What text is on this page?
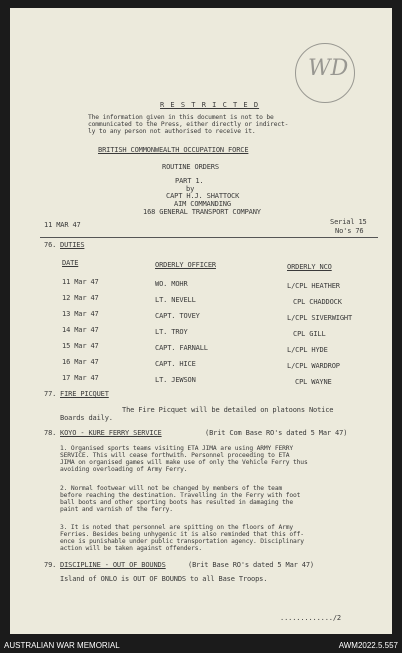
WD
R E S T R I C T E D
The information given in this document is not to be
communicated to the Press, either directly or indirect-
ly to any person not authorised to receive it.
BRITISH COMMONWEALTH OCCUPATION FORCE
ROUTINE ORDERS
PART 1.
by
CAPT H.J. SHATTOCK
AIM COMMANDING
168 GENERAL TRANSPORT COMPANY
11 MAR 47	Serial 15
No's 76
76. DUTIES
DATE	ORDERLY OFFICER	ORDERLY NCO
11 Mar 47	WO. MOHR	L/CPL HEATHER
12 Mar 47	LT. NEVELL	CPL CHADDOCK
13 Mar 47	CAPT. TOVEY	L/CPL SIVERWIGHT
14 Mar 47	LT. TROY	CPL GILL
15 Mar 47	CAPT. FARNALL	L/CPL HYDE
16 Mar 47	CAPT. HICE	L/CPL WARDROP
17 Mar 47	LT. JEWSON	CPL WAYNE
77. FIRE PICQUET
The Fire Picquet will be detailed on platoons Notice
Boards daily.
78. KOYO - KURE FERRY SERVICE	(Brit Com Base RO's dated 5 Mar 47)
1. Organised sports teams visiting ETA JIMA are using ARMY FERRY
SERVICE. This will cease forthwith. Personnel proceeding to ETA
JIMA on organised games will make use of only the Vehicle Ferry thus
avoiding overloading of Army Ferry.
2. Normal footwear will not be changed by members of the team
before reaching the destination. Travelling in the Ferry with foot
ball boots and other sporting boots has resulted in damaging the
paint and varnish of the ferry.
3. It is noted that personnel are spitting on the floors of Army
Ferries. Besides being unhygenic it is also reminded that this off-
ence is punishable under public transportation agency. Disciplinary
action will be taken against offenders.
79. DISCIPLINE - OUT OF BOUNDS	(Brit Base RO's dated 5 Mar 47)
Island of ONLO is OUT OF BOUNDS to all Base Troops.
............./2
AUSTRALIAN WAR MEMORIAL	AWM2022.5.557
